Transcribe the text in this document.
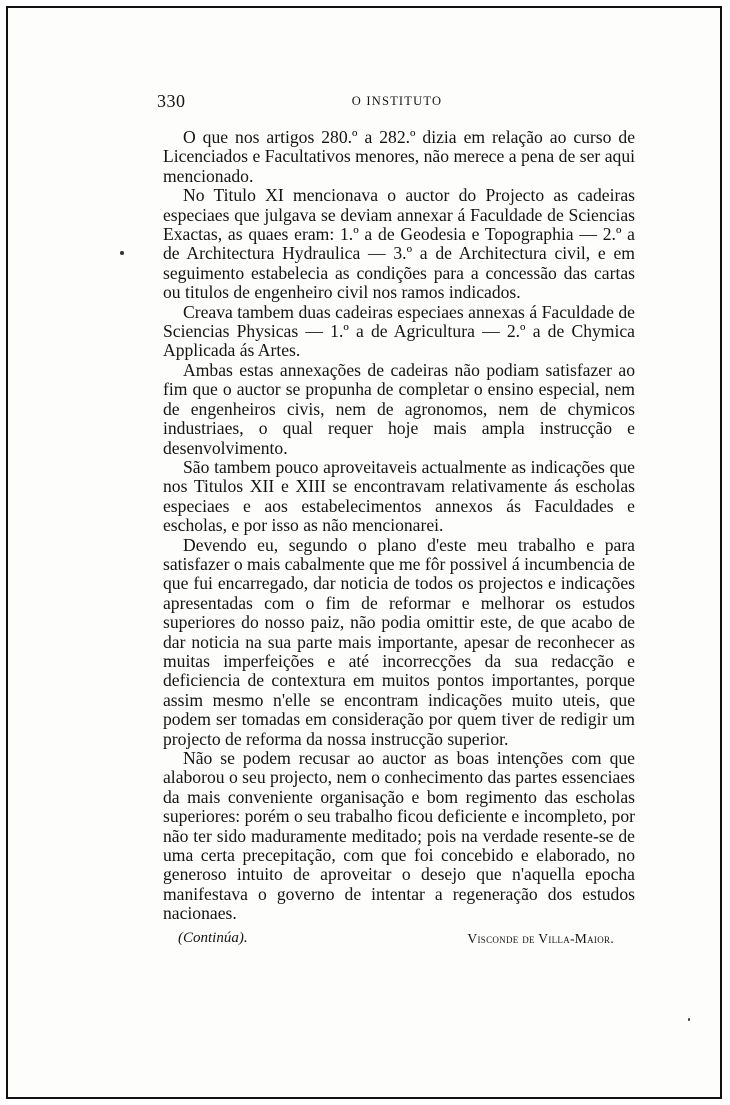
330	O INSTITUTO

O que nos artigos 280.º a 282.º dizia em relação ao curso de Licenciados e Facultativos menores, não merece a pena de ser aqui mencionado.

No Titulo XI mencionava o auctor do Projecto as cadeiras especiaes que julgava se deviam annexar á Faculdade de Sciencias Exactas, as quaes eram: 1.º a de Geodesia e Topographia — 2.º a de Architectura Hydraulica — 3.º a de Architectura civil, e em seguimento estabelecia as condições para a concessão das cartas ou titulos de engenheiro civil nos ramos indicados.

Creava tambem duas cadeiras especiaes annexas á Faculdade de Sciencias Physicas — 1.º a de Agricultura — 2.º a de Chymica Applicada ás Artes.

Ambas estas annexações de cadeiras não podiam satisfazer ao fim que o auctor se propunha de completar o ensino especial, nem de engenheiros civis, nem de agronomos, nem de chymicos industriaes, o qual requer hoje mais ampla instrucção e desenvolvimento.

São tambem pouco aproveitaveis actualmente as indicações que nos Titulos XII e XIII se encontravam relativamente ás escholas especiaes e aos estabelecimentos annexos ás Faculdades e escholas, e por isso as não mencionarei.

Devendo eu, segundo o plano d'este meu trabalho e para satisfazer o mais cabalmente que me fôr possivel á incumbencia de que fui encarregado, dar noticia de todos os projectos e indicações apresentadas com o fim de reformar e melhorar os estudos superiores do nosso paiz, não podia omittir este, de que acabo de dar noticia na sua parte mais importante, apesar de reconhecer as muitas imperfeições e até incorrecções da sua redacção e deficiencia de contextura em muitos pontos importantes, porque assim mesmo n'elle se encontram indicações muito uteis, que podem ser tomadas em consideração por quem tiver de redigir um projecto de reforma da nossa instrucção superior.

Não se podem recusar ao auctor as boas intenções com que alaborou o seu projecto, nem o conhecimento das partes essenciaes da mais conveniente organisação e bom regimento das escholas superiores: porém o seu trabalho ficou deficiente e incompleto, por não ter sido maduramente meditado; pois na verdade resente-se de uma certa precepitação, com que foi concebido e elaborado, no generoso intuito de aproveitar o desejo que n'aquella epocha manifestava o governo de intentar a regeneração dos estudos nacionaes.

(Continúa).	Visconde de Villa-Maior.
